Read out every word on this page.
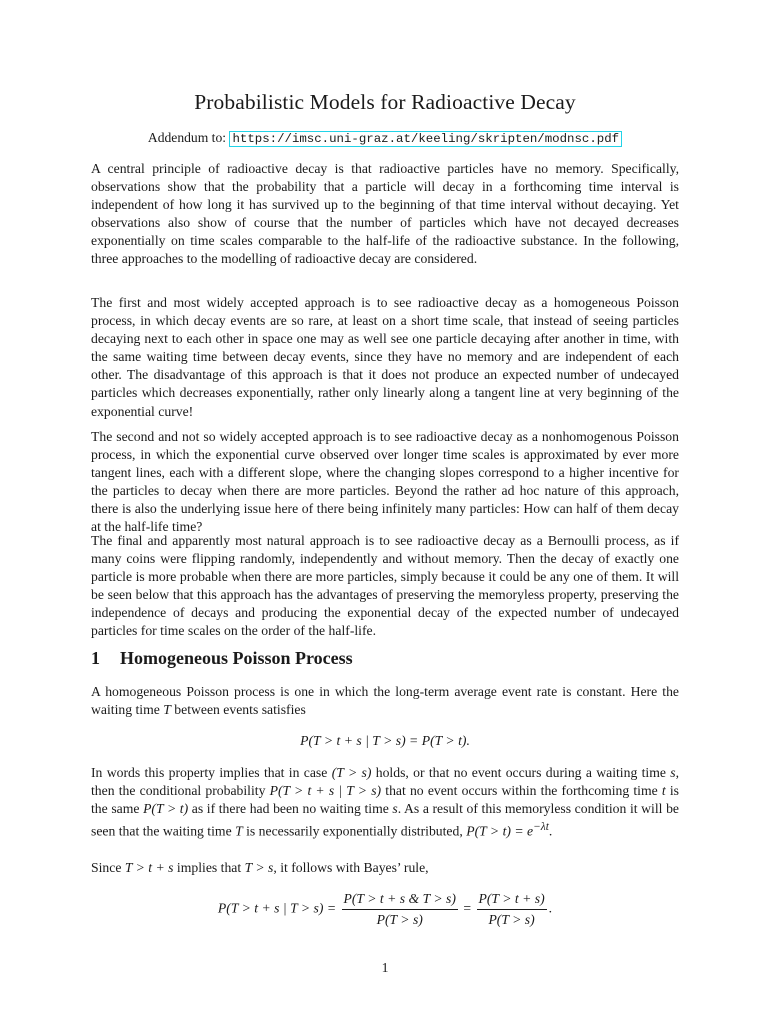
Probabilistic Models for Radioactive Decay
Addendum to: https://imsc.uni-graz.at/keeling/skripten/modnsc.pdf

A central principle of radioactive decay is that radioactive particles have no memory. Specifically, observations show that the probability that a particle will decay in a forthcoming time interval is independent of how long it has survived up to the beginning of that time interval without decaying. Yet observations also show of course that the number of particles which have not decayed decreases exponentially on time scales comparable to the half-life of the radioactive substance. In the following, three approaches to the modelling of radioactive decay are considered.

The first and most widely accepted approach is to see radioactive decay as a homogeneous Poisson process, in which decay events are so rare, at least on a short time scale, that instead of seeing particles decaying next to each other in space one may as well see one particle decaying after another in time, with the same waiting time between decay events, since they have no memory and are independent of each other. The disadvantage of this approach is that it does not produce an expected number of undecayed particles which decreases exponentially, rather only linearly along a tangent line at very beginning of the exponential curve!

The second and not so widely accepted approach is to see radioactive decay as a nonhomogenous Poisson process, in which the exponential curve observed over longer time scales is approximated by ever more tangent lines, each with a different slope, where the changing slopes correspond to a higher incentive for the particles to decay when there are more particles. Beyond the rather ad hoc nature of this approach, there is also the underlying issue here of there being infinitely many particles: How can half of them decay at the half-life time?

The final and apparently most natural approach is to see radioactive decay as a Bernoulli process, as if many coins were flipping randomly, independently and without memory. Then the decay of exactly one particle is more probable when there are more particles, simply because it could be any one of them. It will be seen below that this approach has the advantages of preserving the memoryless property, preserving the independence of decays and producing the exponential decay of the expected number of undecayed particles for time scales on the order of the half-life.

1 Homogeneous Poisson Process

A homogeneous Poisson process is one in which the long-term average event rate is constant. Here the waiting time T between events satisfies

P(T > t + s | T > s) = P(T > t).

In words this property implies that in case (T > s) holds, or that no event occurs during a waiting time s, then the conditional probability P(T > t + s | T > s) that no event occurs within the forthcoming time t is the same P(T > t) as if there had been no waiting time s. As a result of this memoryless condition it will be seen that the waiting time T is necessarily exponentially distributed, $P(T > t) = e^{-\lambda t}$.

Since T > t + s implies that T > s, it follows with Bayes’ rule,

P(T > t + s | $T > s) = \frac{P(T > t + s \& T > s)}{P(T > s)} = \frac{P(T > t + s)}{P(T > s)}$ .
1
